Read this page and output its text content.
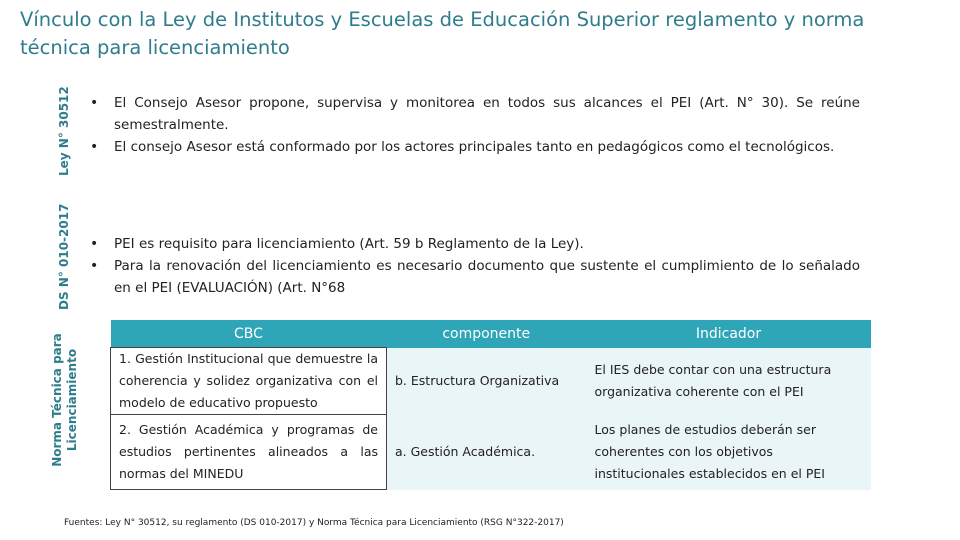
Vínculo con la Ley de Institutos y Escuelas de Educación Superior reglamento y norma técnica para licenciamiento
Ley N° 30512
DS N° 010-2017
Norma Técnica para Licenciamiento
• El Consejo Asesor propone, supervisa y monitorea en todos sus alcances el PEI (Art. N° 30). Se reúne semestralmente.
• El consejo Asesor está conformado por los actores principales tanto en pedagógicos como el tecnológicos.
• PEI es requisito para licenciamiento (Art. 59 b Reglamento de la Ley).
• Para la renovación del licenciamiento es necesario documento que sustente el cumplimiento de lo señalado en el PEI (EVALUACIÓN) (Art. N°68
CBC	componente	Indicador
1. Gestión Institucional que demuestre la coherencia y solidez organizativa con el modelo de educativo propuesto	b. Estructura Organizativa	El IES debe contar con una estructura organizativa coherente con el PEI
2. Gestión Académica y programas de estudios pertinentes alineados a las normas del MINEDU	a. Gestión Académica.	Los planes de estudios deberán ser coherentes con los objetivos institucionales establecidos en el PEI
Fuentes: Ley N° 30512, su reglamento (DS 010-2017) y Norma Técnica para Licenciamiento (RSG N°322-2017)
